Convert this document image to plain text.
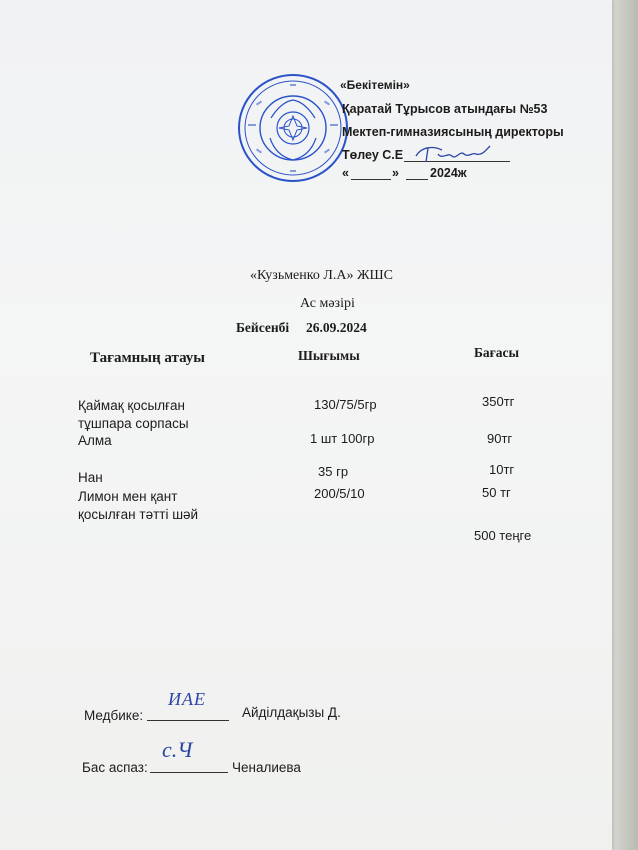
«Бекітемін»
Қаратай Тұрысов атындағы №53
Мектеп-гимназиясының директоры
Төлеу С.Е
«	» 2024ж
«Кузьменко Л.А» ЖШС
Ас мәзірі
Бейсенбі 26.09.2024
Тағамның атауы	Шығымы	Бағасы
Қаймақ қосылған
тұшпара сорпасы
130/75/5гр	350тг
Алма	1 шт 100гр	90тг
Нан	35 гр	10тг
Лимон мен қант
қосылған тәтті шәй
200/5/10	50 тг
500 теңге
Медбике:
ИАЕ
Айділдақызы Д.
Бас аспаз:
с.Ч
Ченалиева
